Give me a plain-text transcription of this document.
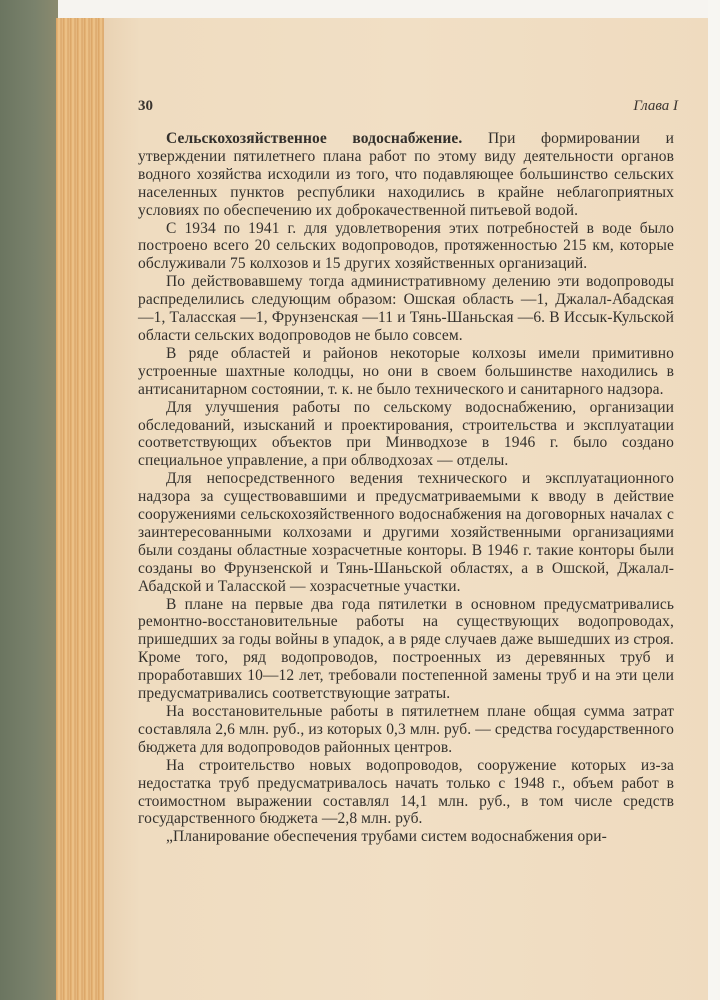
30	Глава I

Сельскохозяйственное водоснабжение. При формировании и утверждении пятилетнего плана работ по этому виду деятельности органов водного хозяйства исходили из того, что подавляющее большинство сельских населенных пунктов республики находились в крайне неблагоприятных условиях по обеспечению их доброкачественной питьевой водой.

С 1934 по 1941 г. для удовлетворения этих потребностей в воде было построено всего 20 сельских водопроводов, протяженностью 215 км, которые обслуживали 75 колхозов и 15 других хозяйственных организаций.

По действовавшему тогда административному делению эти водопроводы распределились следующим образом: Ошская область —1, Джалал-Абадская —1, Таласская —1, Фрунзенская —11 и Тянь-Шаньская —6. В Иссык-Кульской области сельских водопроводов не было совсем.

В ряде областей и районов некоторые колхозы имели примитивно устроенные шахтные колодцы, но они в своем большинстве находились в антисанитарном состоянии, т. к. не было технического и санитарного надзора.

Для улучшения работы по сельскому водоснабжению, организации обследований, изысканий и проектирования, строительства и эксплуатации соответствующих объектов при Минводхозе в 1946 г. было создано специальное управление, а при облводхозах — отделы.

Для непосредственного ведения технического и эксплуатационного надзора за существовавшими и предусматриваемыми к вводу в действие сооружениями сельскохозяйственного водоснабжения на договорных началах с заинтересованными колхозами и другими хозяйственными организациями были созданы областные хозрасчетные конторы. В 1946 г. такие конторы были созданы во Фрунзенской и Тянь-Шаньской областях, а в Ошской, Джалал-Абадской и Таласской — хозрасчетные участки.

В плане на первые два года пятилетки в основном предусматривались ремонтно-восстановительные работы на существующих водопроводах, пришедших за годы войны в упадок, а в ряде случаев даже вышедших из строя. Кроме того, ряд водопроводов, построенных из деревянных труб и проработавших 10—12 лет, требовали постепенной замены труб и на эти цели предусматривались соответствующие затраты.

На восстановительные работы в пятилетнем плане общая сумма затрат составляла 2,6 млн. руб., из которых 0,3 млн. руб. — средства государственного бюджета для водопроводов районных центров.

На строительство новых водопроводов, сооружение которых из-за недостатка труб предусматривалось начать только с 1948 г., объем работ в стоимостном выражении составлял 14,1 млн. руб., в том числе средств государственного бюджета —2,8 млн. руб.

„Планирование обеспечения трубами систем водоснабжения ори-
